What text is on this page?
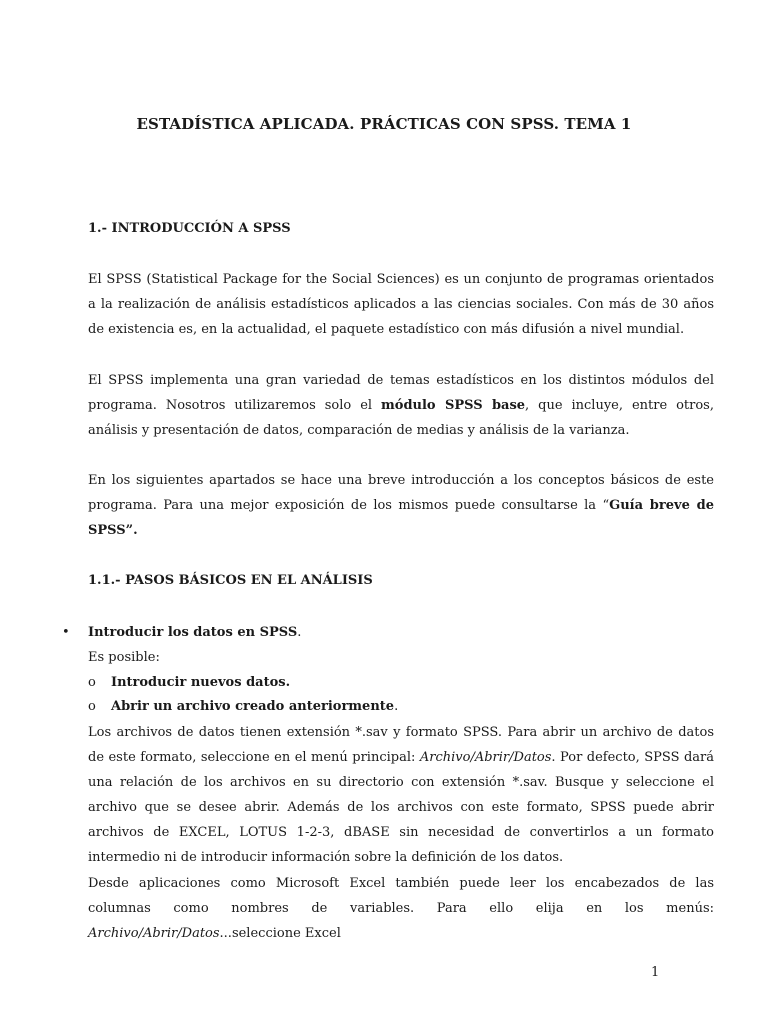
ESTADÍSTICA APLICADA. PRÁCTICAS CON SPSS. TEMA 1
1.- INTRODUCCIÓN A SPSS

El SPSS (Statistical Package for the Social Sciences) es un conjunto de programas orientados a la realización de análisis estadísticos aplicados a las ciencias sociales. Con más de 30 años de existencia es, en la actualidad, el paquete estadístico con más difusión a nivel mundial.

El SPSS implementa una gran variedad de temas estadísticos en los distintos módulos del programa. Nosotros utilizaremos solo el módulo SPSS base, que incluye, entre otros, análisis y presentación de datos, comparación de medias y análisis de la varianza.

En los siguientes apartados se hace una breve introducción a los conceptos básicos de este programa. Para una mejor exposición de los mismos puede consultarse la “Guía breve de SPSS”.

1.1.- PASOS BÁSICOS EN EL ANÁLISIS
• Introducir los datos en SPSS.
Es posible:
o Introducir nuevos datos.
o Abrir un archivo creado anteriormente.

Los archivos de datos tienen extensión *.sav y formato SPSS. Para abrir un archivo de datos de este formato, seleccione en el menú principal: Archivo/Abrir/Datos. Por defecto, SPSS dará una relación de los archivos en su directorio con extensión *.sav. Busque y seleccione el archivo que se desee abrir. Además de los archivos con este formato, SPSS puede abrir archivos de EXCEL, LOTUS 1-2-3, dBASE sin necesidad de convertirlos a un formato intermedio ni de introducir información sobre la definición de los datos.

Desde aplicaciones como Microsoft Excel también puede leer los encabezados de las columnas como nombres de variables. Para ello elija en los menús: Archivo/Abrir/Datos...seleccione Excel

1
